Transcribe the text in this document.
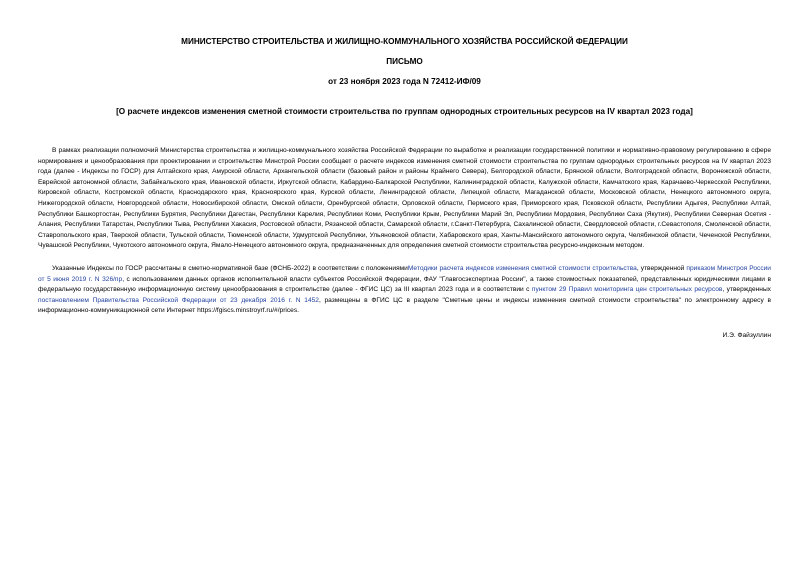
МИНИСТЕРСТВО СТРОИТЕЛЬСТВА И ЖИЛИЩНО-КОММУНАЛЬНОГО ХОЗЯЙСТВА РОССИЙСКОЙ ФЕДЕРАЦИИ

ПИСЬМО

от 23 ноября 2023 года N 72412-ИФ/09

[О расчете индексов изменения сметной стоимости строительства по группам однородных строительных ресурсов на IV квартал 2023 года]

В рамках реализации полномочий Министерства строительства и жилищно-коммунального хозяйства Российской Федерации по выработке и реализации государственной политики и нормативно-правовому регулированию в сфере нормирования и ценообразования при проектировании и строительстве Минстрой России сообщает о расчете индексов изменения сметной стоимости строительства по группам однородных строительных ресурсов на IV квартал 2023 года (далее - Индексы по ГОСР) для Алтайского края, Амурской области, Архангельской области (базовый район и районы Крайнего Севера), Белгородской области, Брянской области, Волгоградской области, Воронежской области, Еврейской автономной области, Забайкальского края, Ивановской области, Иркутской области, Кабардино-Балкарской Республики, Калининградской области, Калужской области, Камчатского края, Карачаево-Черкесской Республики, Кировской области, Костромской области, Краснодарского края, Красноярского края, Курской области, Ленинградской области, Липецкой области, Магаданской области, Московской области, Ненецкого автономного округа, Нижегородской области, Новгородской области, Новосибирской области, Омской области, Оренбургской области, Орловской области, Пермского края, Приморского края, Псковской области, Республики Адыгея, Республики Алтай, Республики Башкортостан, Республики Бурятия, Республики Дагестан, Республики Карелия, Республики Коми, Республики Крым, Республики Марий Эл, Республики Мордовия, Республики Саха (Якутия), Республики Северная Осетия - Алания, Республики Татарстан, Республики Тыва, Республики Хакасия, Ростовской области, Рязанской области, Самарской области, г.Санкт-Петербурга, Сахалинской области, Свердловской области, г.Севастополя, Смоленской области, Ставропольского края, Тверской области, Тульской области, Тюменской области, Удмуртской Республики, Ульяновской области, Хабаровского края, Ханты-Мансийского автономного округа, Челябинской области, Чеченской Республики, Чувашской Республики, Чукотского автономного округа, Ямало-Ненецкого автономного округа, предназначенных для определения сметной стоимости строительства ресурсно-индексным методом.

Указанные Индексы по ГОСР рассчитаны в сметно-нормативной базе (ФСНБ-2022) в соответствии с положениямиМетодики расчета индексов изменения сметной стоимости строительства, утвержденной приказом Минстроя России от 5 июня 2019 г. N 326/пр, с использованием данных органов исполнительной власти субъектов Российской Федерации, ФАУ "Главгосэкспертиза России", а также стоимостных показателей, представленных юридическими лицами в федеральную государственную информационную систему ценообразования в строительстве (далее - ФГИС ЦС) за III квартал 2023 года и в соответствии с пунктом 29 Правил мониторинга цен строительных ресурсов, утвержденных постановлением Правительства Российской Федерации от 23 декабря 2016 г. N 1452, размещены в ФГИС ЦС в разделе "Сметные цены и индексы изменения сметной стоимости строительства" по электронному адресу в информационно-коммуникационной сети Интернет https://fgiscs.minstroyrf.ru/#/prices.

И.Э. Файзуллин
